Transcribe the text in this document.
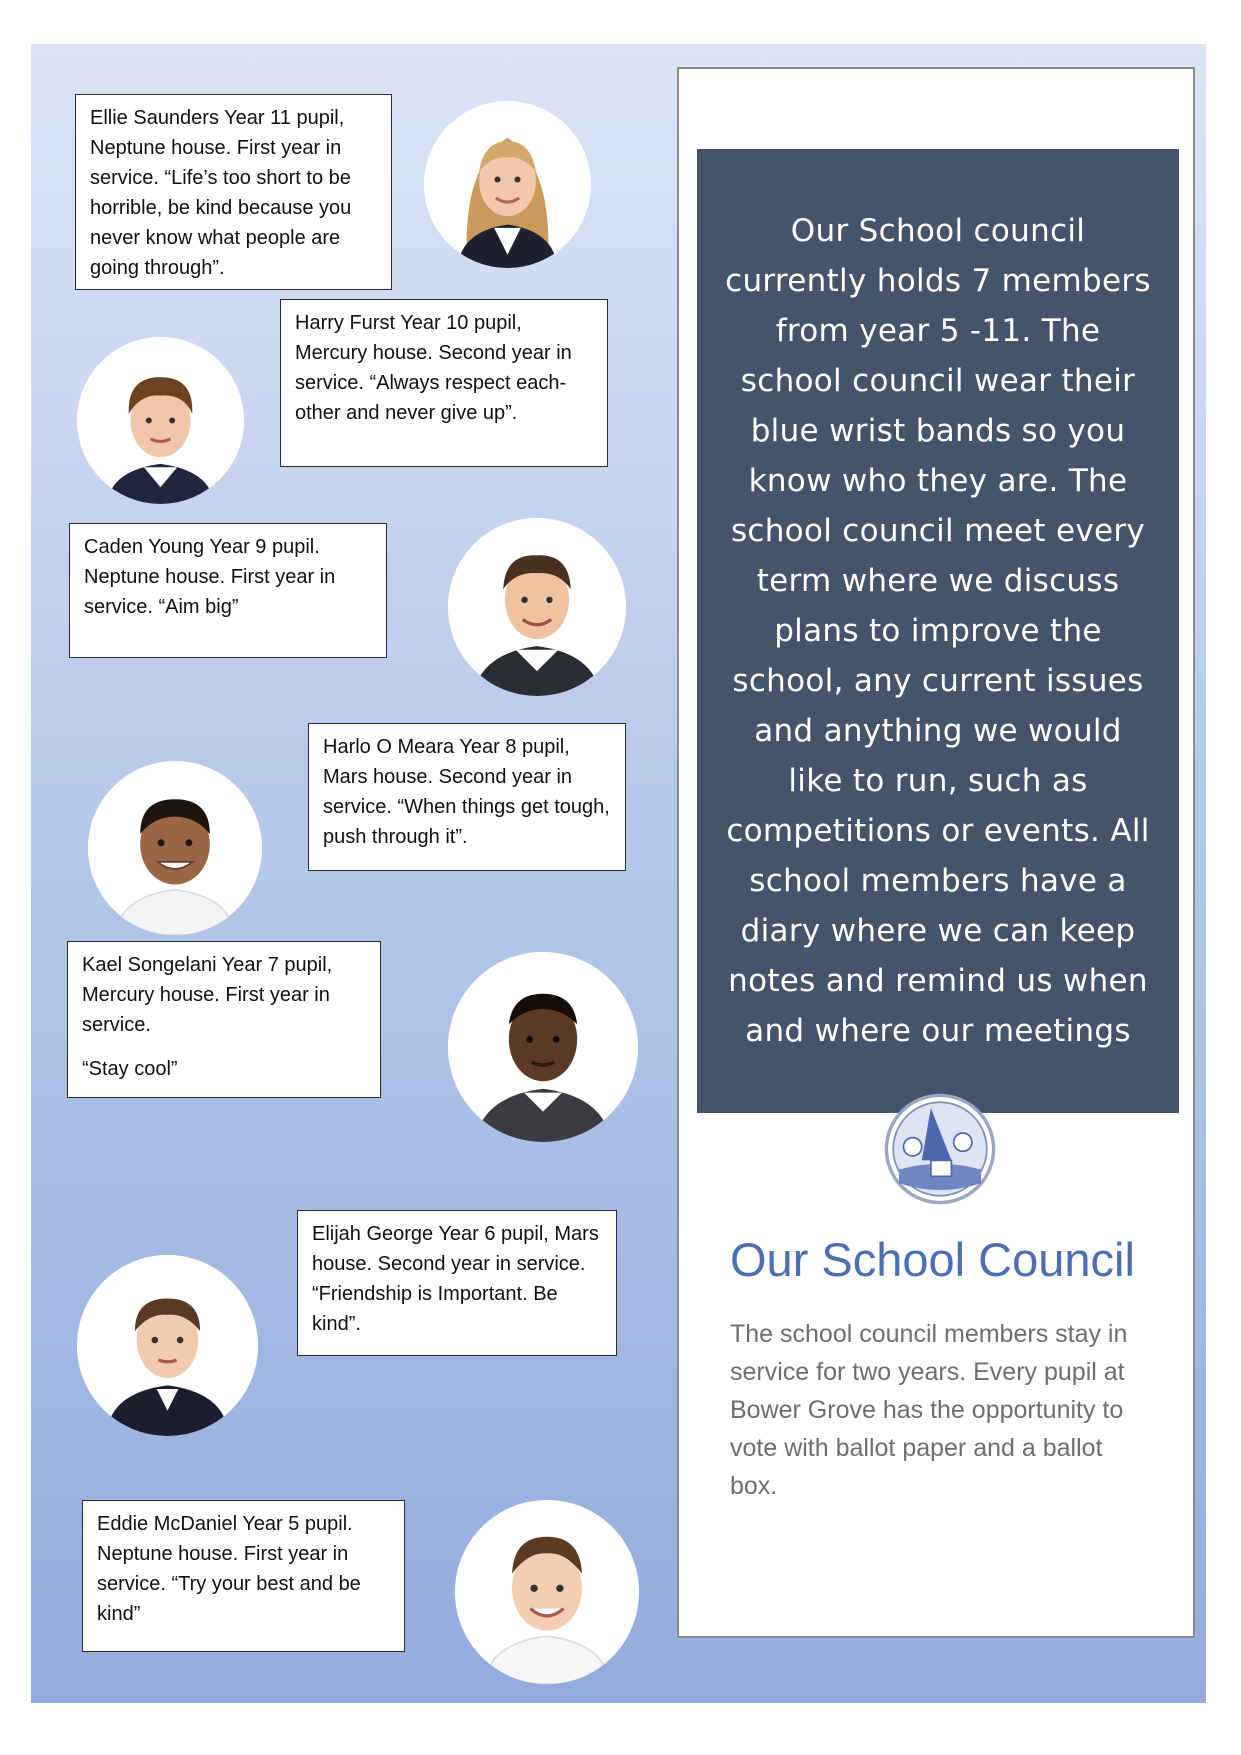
Ellie Saunders Year 11 pupil, Neptune house. First year in service. “Life’s too short to be horrible, be kind because you never know what people are going through”.

Harry Furst Year 10 pupil, Mercury house. Second year in service. “Always respect each-other and never give up”.

Caden Young Year 9 pupil. Neptune house. First year in service. “Aim big”

Harlo O Meara Year 8 pupil, Mars house. Second year in service. “When things get tough, push through it”.

Kael Songelani Year 7 pupil, Mercury house. First year in service.

“Stay cool”

Elijah George Year 6 pupil, Mars house. Second year in service. “Friendship is Important. Be kind”.

Eddie McDaniel Year 5 pupil. Neptune house. First year in service. “Try your best and be kind”

Our School council currently holds 7 members from year 5 -11. The school council wear their blue wrist bands so you know who they are. The school council meet every term where we discuss plans to improve the school, any current issues and anything we would like to run, such as competitions or events. All school members have a diary where we can keep notes and remind us when and where our meetings
Our School Council
The school council members stay in service for two years. Every pupil at Bower Grove has the opportunity to vote with ballot paper and a ballot box.
